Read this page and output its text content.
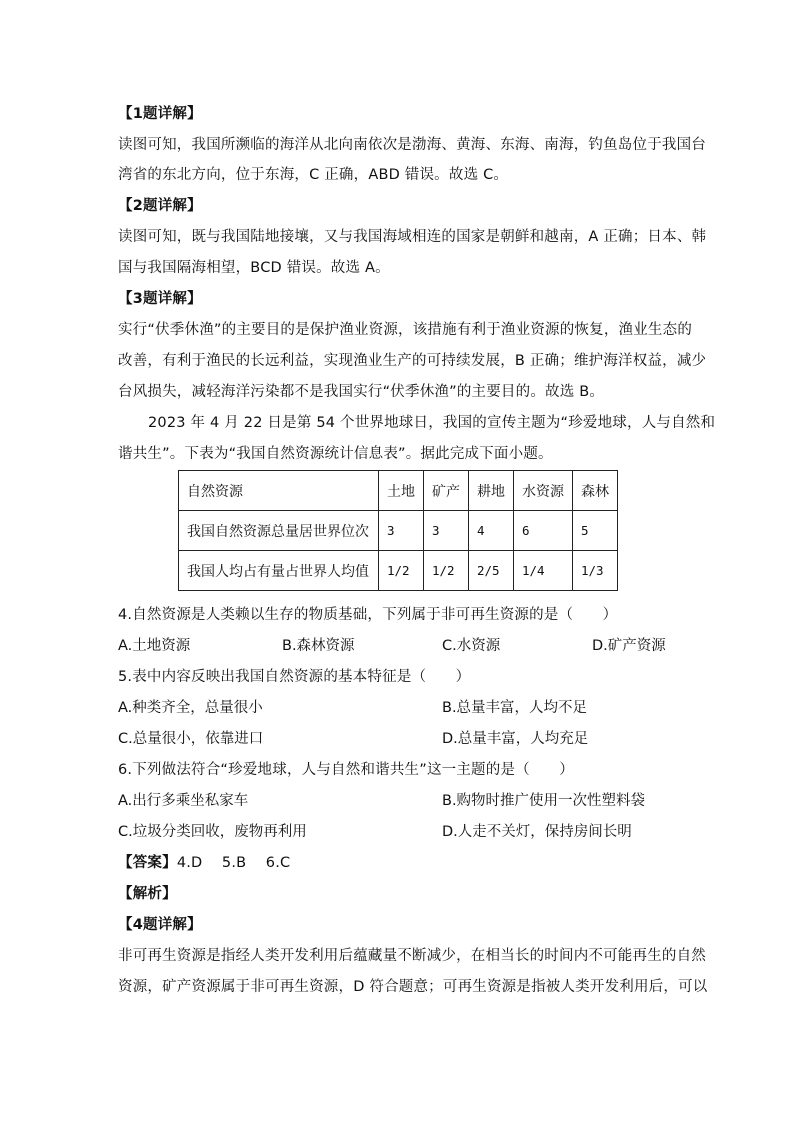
【1题详解】
读图可知，我国所濒临的海洋从北向南依次是渤海、黄海、东海、南海，钓鱼岛位于我国台
湾省的东北方向，位于东海，C 正确，ABD 错误。故选 C。
【2题详解】
读图可知，既与我国陆地接壤，又与我国海域相连的国家是朝鲜和越南，A 正确；日本、韩
国与我国隔海相望，BCD 错误。故选 A。
【3题详解】
实行“伏季休渔”的主要目的是保护渔业资源，该措施有利于渔业资源的恢复，渔业生态的
改善，有利于渔民的长远利益，实现渔业生产的可持续发展，B 正确；维护海洋权益，减少
台风损失，减轻海洋污染都不是我国实行“伏季休渔”的主要目的。故选 B。
2023 年 4 月 22 日是第 54 个世界地球日，我国的宣传主题为“珍爱地球，人与自然和
谐共生”。下表为“我国自然资源统计信息表”。据此完成下面小题。
自然资源	土地	矿产	耕地	水资源	森林
我国自然资源总量居世界位次	3	3	4	6	5
我国人均占有量占世界人均值	1/2	1/2	2/5	1/4	1/3
4.自然资源是人类赖以生存的物质基础，下列属于非可再生资源的是（　　）
A.土地资源	B.森林资源	C.水资源	D.矿产资源
5.表中内容反映出我国自然资源的基本特征是（　　）
A.种类齐全，总量很小	B.总量丰富，人均不足
C.总量很小，依靠进口	D.总量丰富，人均充足
6.下列做法符合“珍爱地球，人与自然和谐共生”这一主题的是（　　）
A.出行多乘坐私家车	B.购物时推广使用一次性塑料袋
C.垃圾分类回收，废物再利用	D.人走不关灯，保持房间长明
【答案】4.D　 5.B　 6.C
【解析】
【4题详解】
非可再生资源是指经人类开发利用后蕴藏量不断减少，在相当长的时间内不可能再生的自然
资源，矿产资源属于非可再生资源，D 符合题意；可再生资源是指被人类开发利用后，可以
